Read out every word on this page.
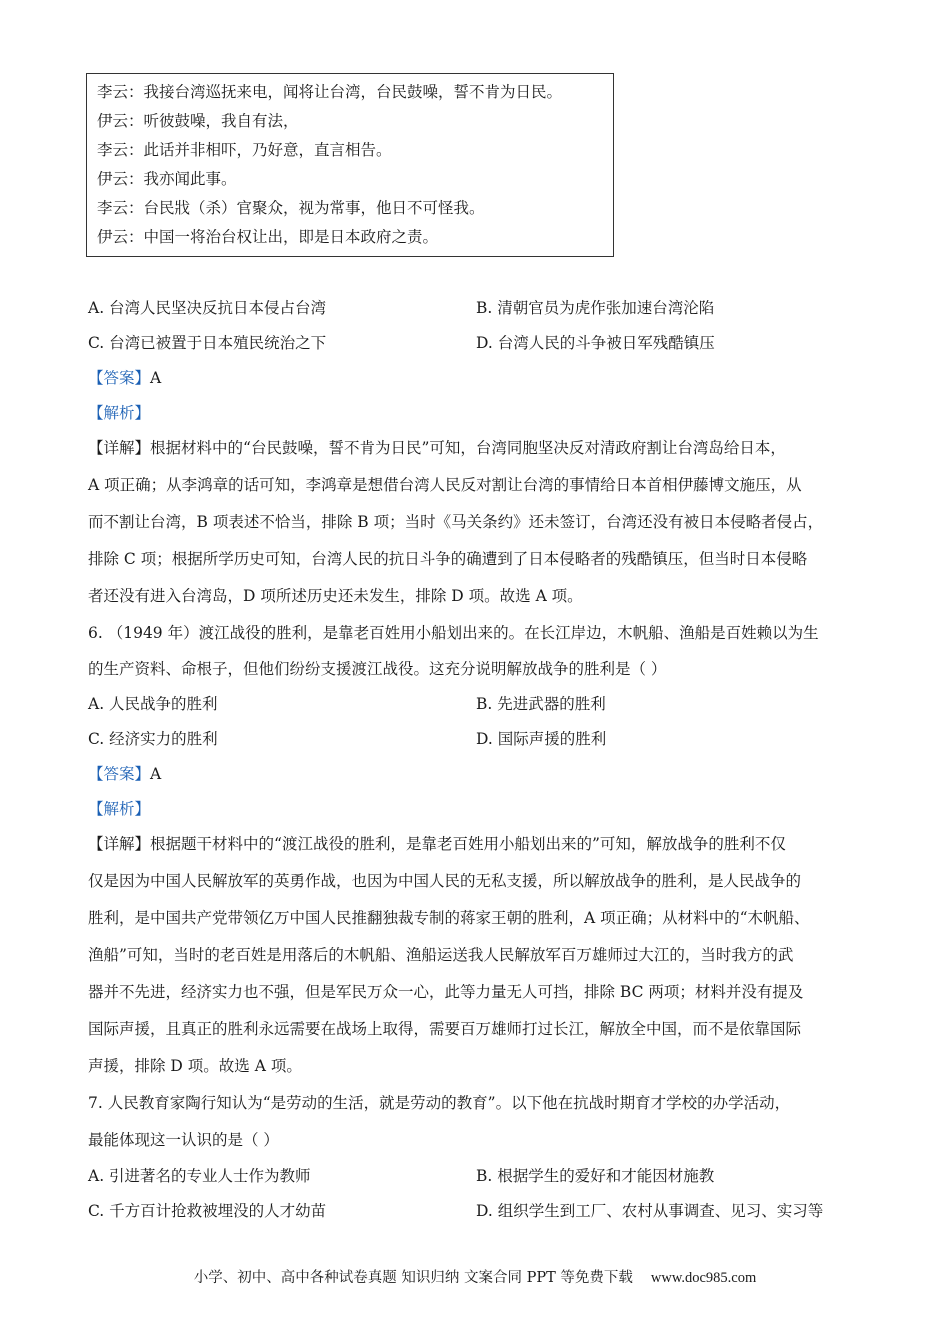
李云：我接台湾巡抚来电，闻将让台湾，台民鼓噪，誓不肯为日民。
伊云：听彼鼓噪，我自有法，
李云：此话并非相吓，乃好意，直言相告。
伊云：我亦闻此事。
李云：台民戕（杀）官聚众，视为常事，他日不可怪我。
伊云：中国一将治台权让出，即是日本政府之责。
A. 台湾人民坚决反抗日本侵占台湾	B. 清朝官员为虎作张加速台湾沦陷
C. 台湾已被置于日本殖民统治之下	D. 台湾人民的斗争被日军残酷镇压
【答案】A
【解析】
【详解】根据材料中的“台民鼓噪，誓不肯为日民”可知，台湾同胞坚决反对清政府割让台湾岛给日本，
A 项正确；从李鸿章的话可知，李鸿章是想借台湾人民反对割让台湾的事情给日本首相伊藤博文施压，从
而不割让台湾，B 项表述不恰当，排除 B 项；当时《马关条约》还未签订，台湾还没有被日本侵略者侵占，
排除 C 项；根据所学历史可知，台湾人民的抗日斗争的确遭到了日本侵略者的残酷镇压，但当时日本侵略
者还没有进入台湾岛，D 项所述历史还未发生，排除 D 项。故选 A 项。
6. （1949 年）渡江战役的胜利，是靠老百姓用小船划出来的。在长江岸边，木帆船、渔船是百姓赖以为生
的生产资料、命根子，但他们纷纷支援渡江战役。这充分说明解放战争的胜利是（ ）
A. 人民战争的胜利	B. 先进武器的胜利
C. 经济实力的胜利	D. 国际声援的胜利
【答案】A
【解析】
【详解】根据题干材料中的“渡江战役的胜利，是靠老百姓用小船划出来的”可知，解放战争的胜利不仅
仅是因为中国人民解放军的英勇作战，也因为中国人民的无私支援，所以解放战争的胜利，是人民战争的
胜利，是中国共产党带领亿万中国人民推翻独裁专制的蒋家王朝的胜利，A 项正确；从材料中的“木帆船、
渔船”可知，当时的老百姓是用落后的木帆船、渔船运送我人民解放军百万雄师过大江的，当时我方的武
器并不先进，经济实力也不强，但是军民万众一心，此等力量无人可挡，排除 BC 两项；材料并没有提及
国际声援，且真正的胜利永远需要在战场上取得，需要百万雄师打过长江，解放全中国，而不是依靠国际
声援，排除 D 项。故选 A 项。
7. 人民教育家陶行知认为“是劳动的生活，就是劳动的教育”。以下他在抗战时期育才学校的办学活动，
最能体现这一认识的是（ ）
A. 引进著名的专业人士作为教师	B. 根据学生的爱好和才能因材施教
C. 千方百计抢救被埋没的人才幼苗	D. 组织学生到工厂、农村从事调查、见习、实习等
小学、初中、高中各种试卷真题 知识归纳 文案合同 PPT 等免费下载 www.doc985.com
